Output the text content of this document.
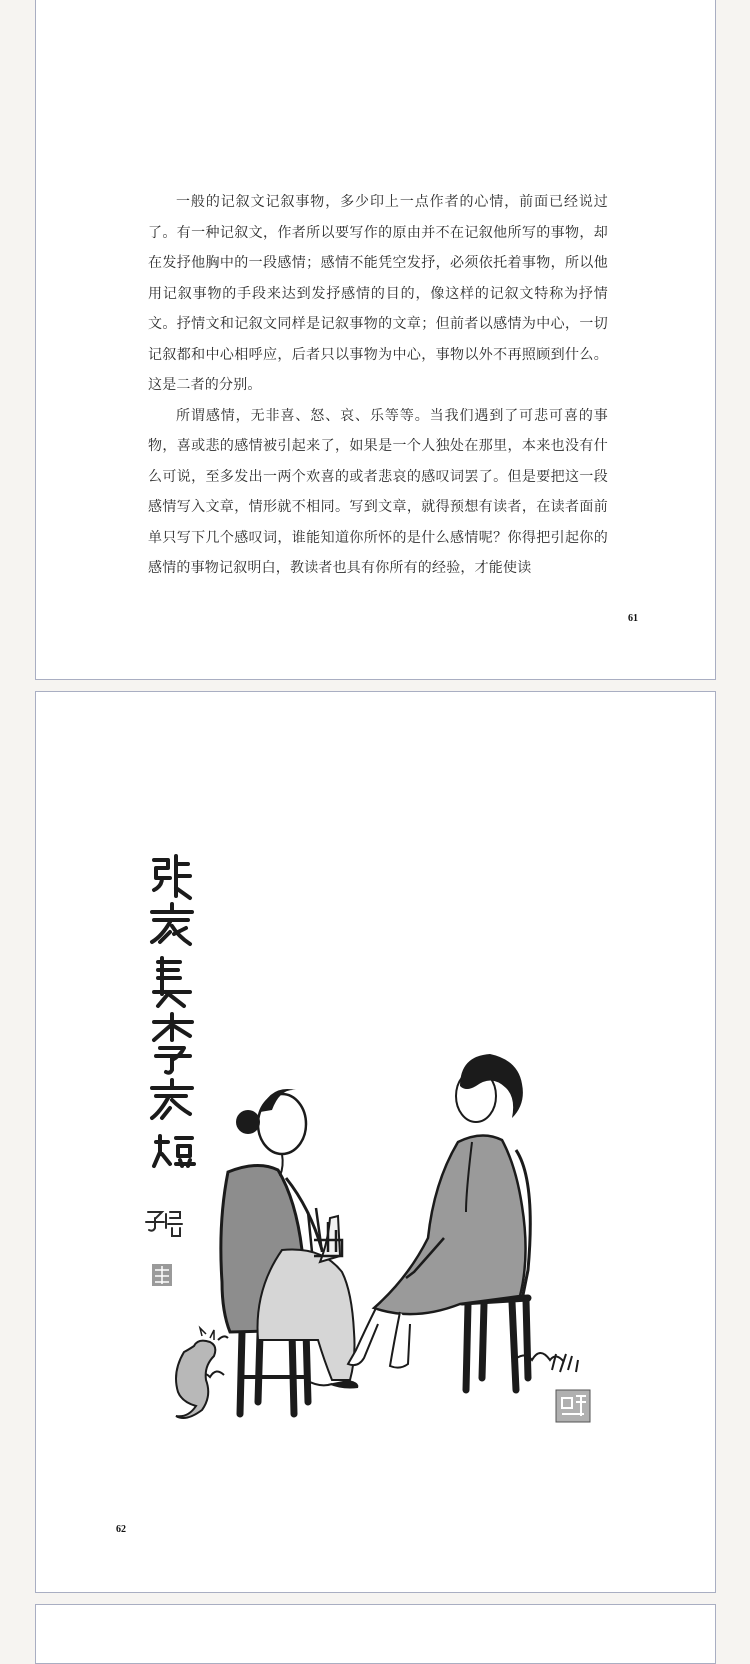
一般的记叙文记叙事物，多少印上一点作者的心情，前面已经说过了。有一种记叙文，作者所以要写作的原由并不在记叙他所写的事物，却在发抒他胸中的一段感情；感情不能凭空发抒，必须依托着事物，所以他用记叙事物的手段来达到发抒感情的目的，像这样的记叙文特称为抒情文。抒情文和记叙文同样是记叙事物的文章；但前者以感情为中心，一切记叙都和中心相呼应，后者只以事物为中心，事物以外不再照顾到什么。这是二者的分别。

所谓感情，无非喜、怒、哀、乐等等。当我们遇到了可悲可喜的事物，喜或悲的感情被引起来了，如果是一个人独处在那里，本来也没有什么可说，至多发出一两个欢喜的或者悲哀的感叹词罢了。但是要把这一段感情写入文章，情形就不相同。写到文章，就得预想有读者，在读者面前单只写下几个感叹词，谁能知道你所怀的是什么感情呢？你得把引起你的感情的事物记叙明白，教读者也具有你所有的经验，才能使读

61
62
